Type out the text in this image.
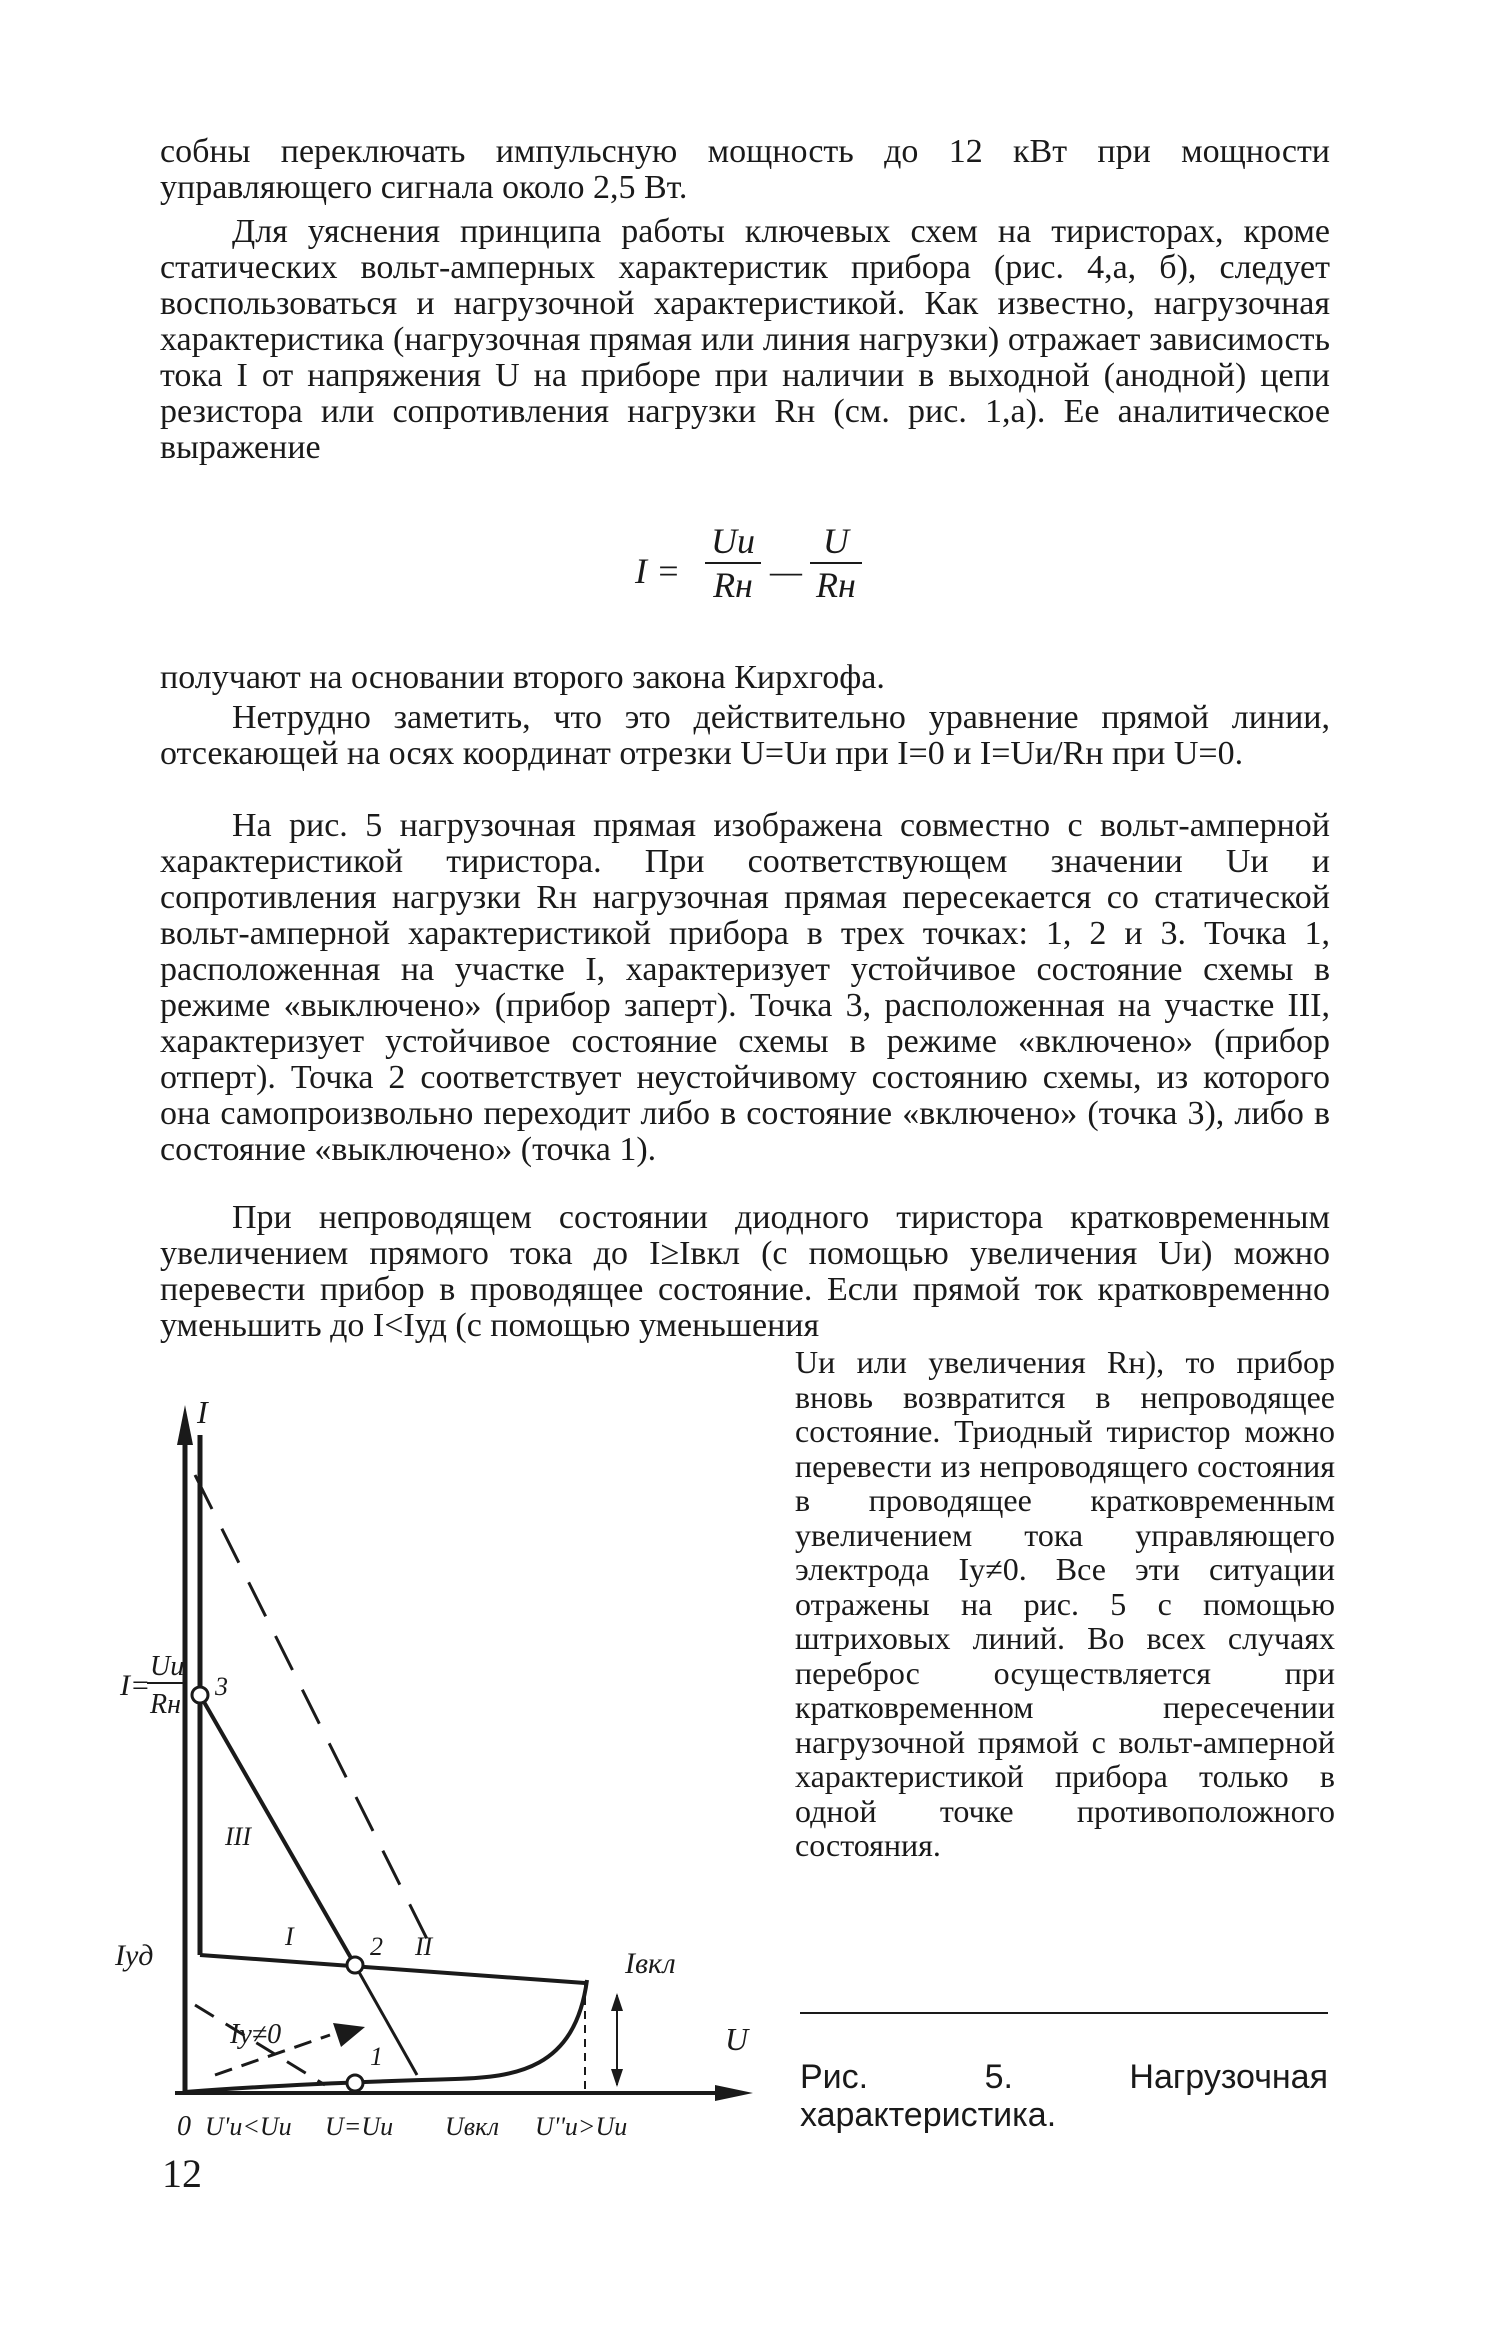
собны переключать импульсную мощность до 12 кВт при мощности управляющего сигнала около 2,5 Вт.

Для уяснения принципа работы ключевых схем на тиристорах, кроме статических вольт-амперных характеристик прибора (рис. 4,а, б), следует воспользоваться и нагрузочной характеристикой. Как известно, нагрузочная характеристика (нагрузочная прямая или линия нагрузки) отражает зависимость тока I от напряжения U на приборе при наличии в выходной (анодной) цепи резистора или сопротивления нагрузки Rн (см. рис. 1,а). Ее аналитическое выражение

I =
Uи
Rн —
U
Rн

получают на основании второго закона Кирхгофа.

Нетрудно заметить, что это действительно уравнение прямой линии, отсекающей на осях координат отрезки U=Uи при I=0 и I=Uи/Rн при U=0.

На рис. 5 нагрузочная прямая изображена совместно с вольт-амперной характеристикой тиристора. При соответствующем значении Uи и сопротивления нагрузки Rн нагрузочная прямая пересекается со статической вольт-амперной характеристикой прибора в трех точках: 1, 2 и 3. Точка 1, расположенная на участке I, характеризует устойчивое состояние схемы в режиме «выключено» (прибор заперт). Точка 3, расположенная на участке III, характеризует устойчивое состояние схемы в режиме «включено» (прибор отперт). Точка 2 соответствует неустойчивому состоянию схемы, из которого она самопроизвольно переходит либо в состояние «включено» (точка 3), либо в состояние «выключено» (точка 1).

При непроводящем состоянии диодного тиристора кратковременным увеличением прямого тока до I≥Iвкл (с помощью увеличения Uи) можно перевести прибор в проводящее состояние. Если прямой ток кратковременно уменьшить до I<Iуд (с помощью уменьшения

Uи или увеличения Rн), то прибор вновь возвратится в непроводящее состояние. Триодный тиристор можно перевести из непроводящего состояния в проводящее кратковременным увеличением тока управляющего электрода Iу≠0. Все эти ситуации отражены на рис. 5 с помощью штриховых линий. Во всех случаях переброс осуществляется при кратковременном пересечении нагрузочной прямой с вольт-амперной характеристикой прибора только в одной точке противоположного состояния.

I
U
0
I=
Uи
Rн
Iуд	Iвкл
Iу≠0
1
2
3
I	II
III
U'и<Uи U=Uи Uвкл U''и>Uи

Рис. 5. Нагрузочная характеристика.

12
